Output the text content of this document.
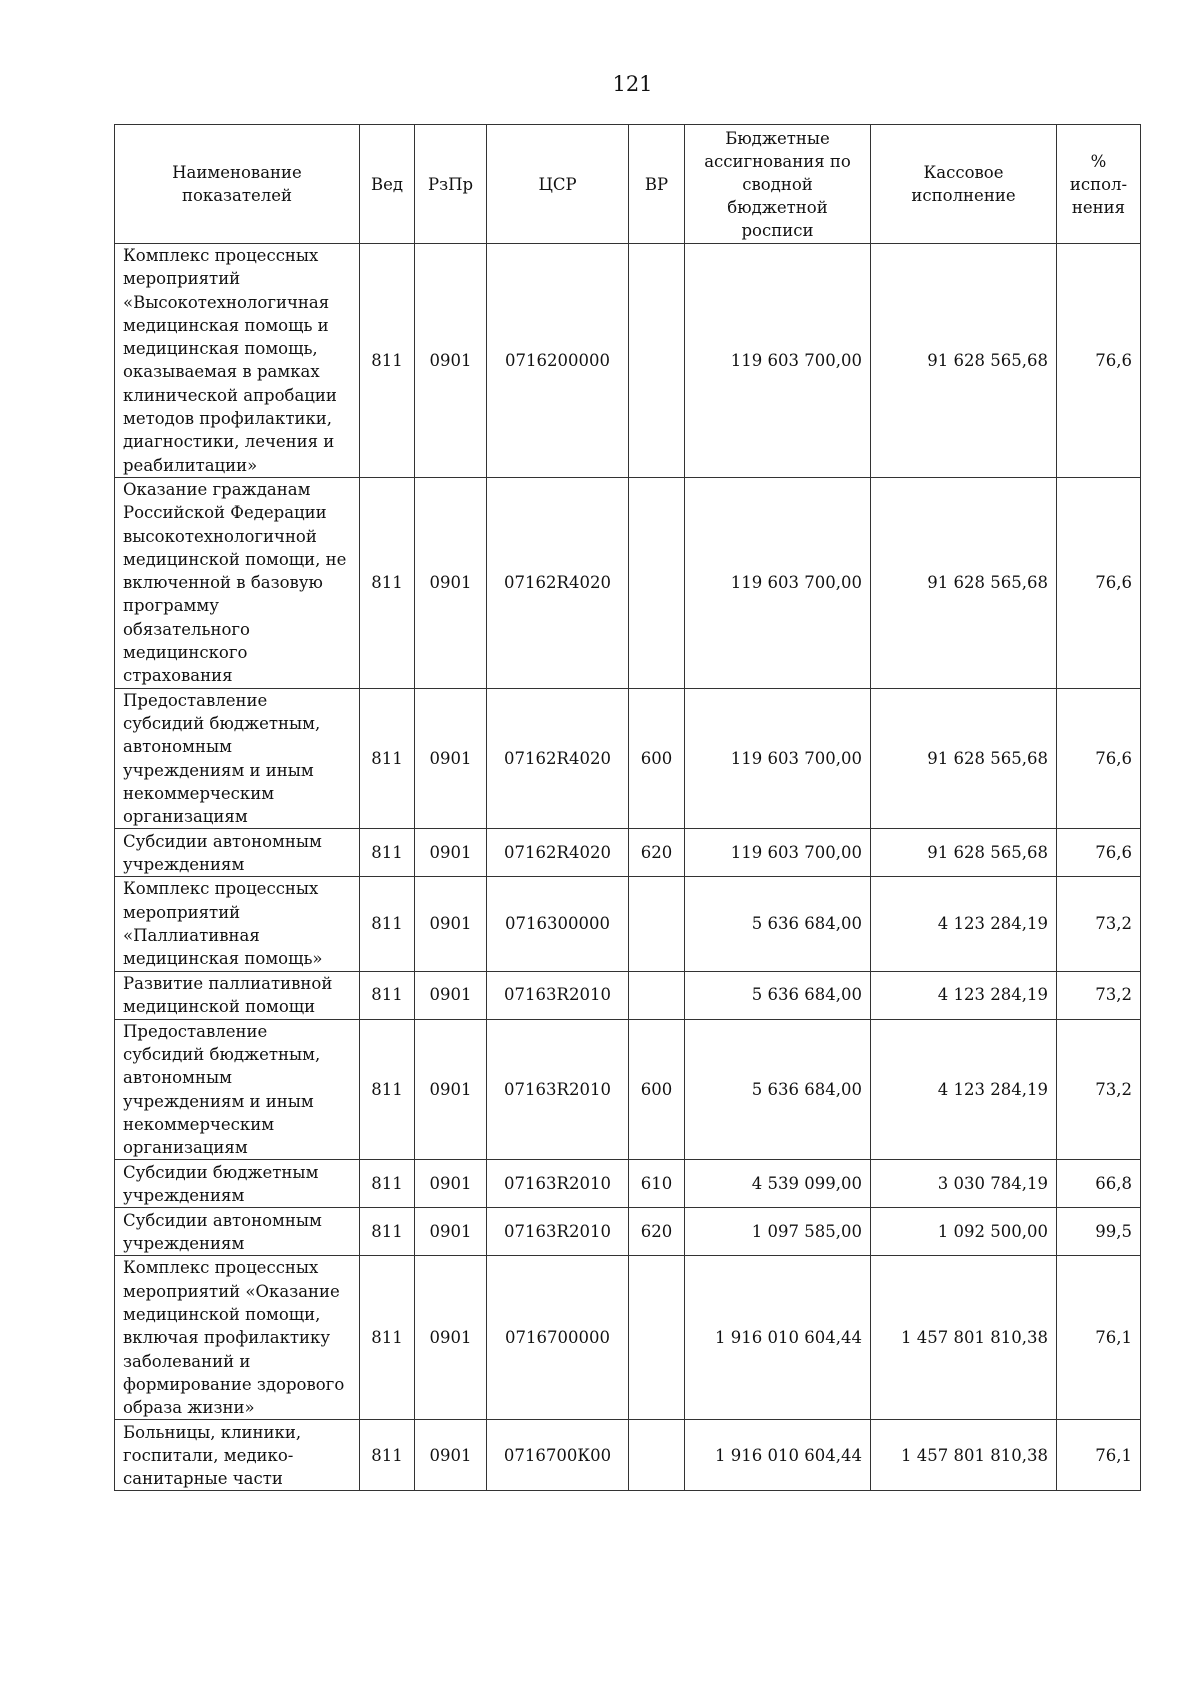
121
Наименование показателей	Вед	РзПр	ЦСР	ВР	Бюджетные ассигнования по сводной бюджетной росписи	Кассовое исполнение	% испол-нения
Комплекс процессных мероприятий «Высокотехнологичная медицинская помощь и медицинская помощь, оказываемая в рамках клинической апробации методов профилактики, диагностики, лечения и реабилитации»	811	0901	0716200000		119 603 700,00	91 628 565,68	76,6
Оказание гражданам Российской Федерации высокотехнологичной медицинской помощи, не включенной в базовую программу обязательного медицинского страхования	811	0901	07162R4020		119 603 700,00	91 628 565,68	76,6
Предоставление субсидий бюджетным, автономным учреждениям и иным некоммерческим организациям	811	0901	07162R4020	600	119 603 700,00	91 628 565,68	76,6
Субсидии автономным учреждениям	811	0901	07162R4020	620	119 603 700,00	91 628 565,68	76,6
Комплекс процессных мероприятий «Паллиативная медицинская помощь»	811	0901	0716300000		5 636 684,00	4 123 284,19	73,2
Развитие паллиативной медицинской помощи	811	0901	07163R2010		5 636 684,00	4 123 284,19	73,2
Предоставление субсидий бюджетным, автономным учреждениям и иным некоммерческим организациям	811	0901	07163R2010	600	5 636 684,00	4 123 284,19	73,2
Субсидии бюджетным учреждениям	811	0901	07163R2010	610	4 539 099,00	3 030 784,19	66,8
Субсидии автономным учреждениям	811	0901	07163R2010	620	1 097 585,00	1 092 500,00	99,5
Комплекс процессных мероприятий «Оказание медицинской помощи, включая профилактику заболеваний и формирование здорового образа жизни»	811	0901	0716700000		1 916 010 604,44	1 457 801 810,38	76,1
Больницы, клиники, госпитали, медико-санитарные части	811	0901	0716700К00		1 916 010 604,44	1 457 801 810,38	76,1
